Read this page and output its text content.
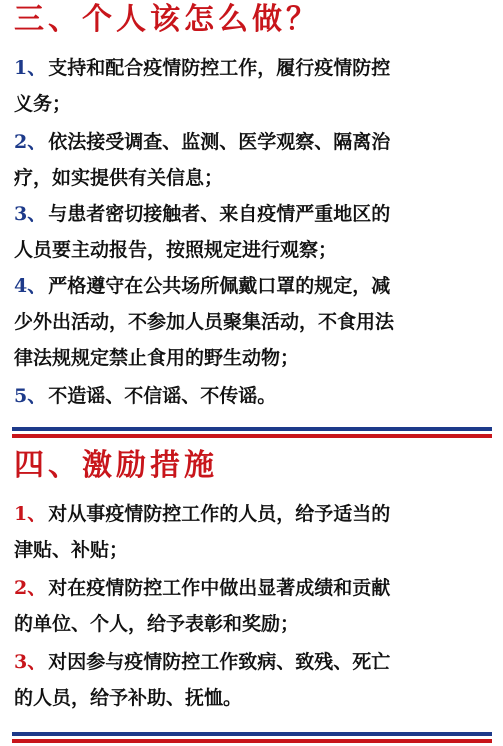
三、个人该怎么做？
1、 支持和配合疫情防控工作，履行疫情防控
义务；
2、 依法接受调查、监测、医学观察、隔离治
疗，如实提供有关信息；
3、 与患者密切接触者、来自疫情严重地区的
人员要主动报告，按照规定进行观察；
4、 严格遵守在公共场所佩戴口罩的规定，减
少外出活动，不参加人员聚集活动，不食用法
律法规规定禁止食用的野生动物；
5、 不造谣、不信谣、不传谣。
四、激励措施
1、 对从事疫情防控工作的人员，给予适当的
津贴、补贴；
2、 对在疫情防控工作中做出显著成绩和贡献
的单位、个人，给予表彰和奖励；
3、 对因参与疫情防控工作致病、致残、死亡
的人员，给予补助、抚恤。
